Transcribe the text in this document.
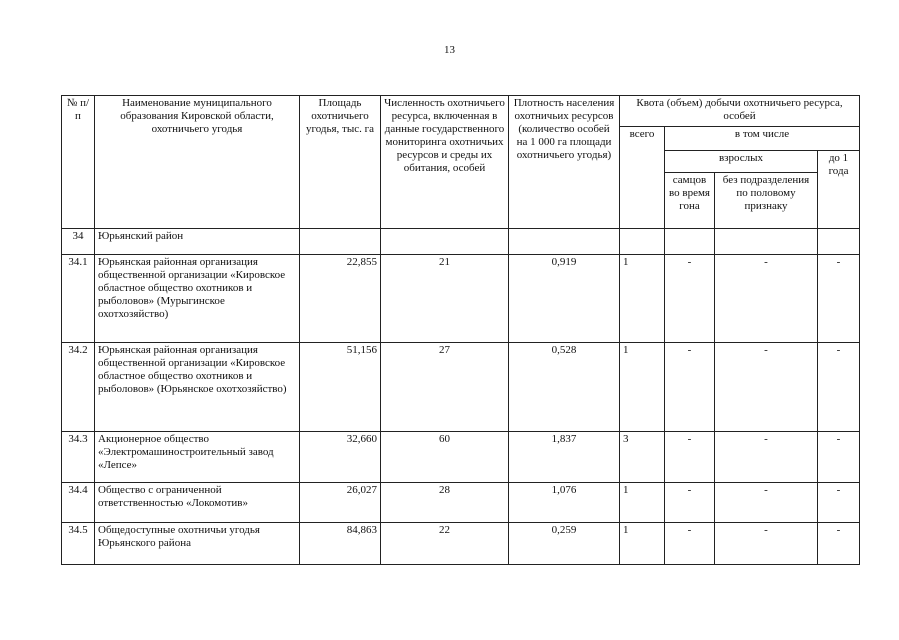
13
№ п/п	Наименование муниципального образования Кировской области, охотничьего угодья	Площадь охотничьего угодья, тыс. га	Численность охотничьего ресурса, включенная в данные государственного мониторинга охотничьих ресурсов и среды их обитания, особей	Плотность населения охотничьих ресурсов (количество особей на 1 000 га площади охотничьего угодья)	Квота (объем) добычи охотничьего ресурса, особей			
					всего	в том числе		
						взрослых		до 1 года
						самцов во время гона	без подразделения по половому признаку	
34	Юрьянский район							
34.1	Юрьянская районная организация общественной организации «Кировское областное общество охотников и рыболовов» (Мурыгинское охотхозяйство)	22,855	21	0,919	1	-	-	-
34.2	Юрьянская районная организация общественной организации «Кировское областное общество охотников и рыболовов» (Юрьянское охотхозяйство)	51,156	27	0,528	1	-	-	-
34.3	Акционерное общество «Электромашиностроительный завод «Лепсе»	32,660	60	1,837	3	-	-	-
34.4	Общество с ограниченной ответственностью «Локомотив»	26,027	28	1,076	1	-	-	-
34.5	Общедоступные охотничьи угодья Юрьянского района	84,863	22	0,259	1	-	-	-
